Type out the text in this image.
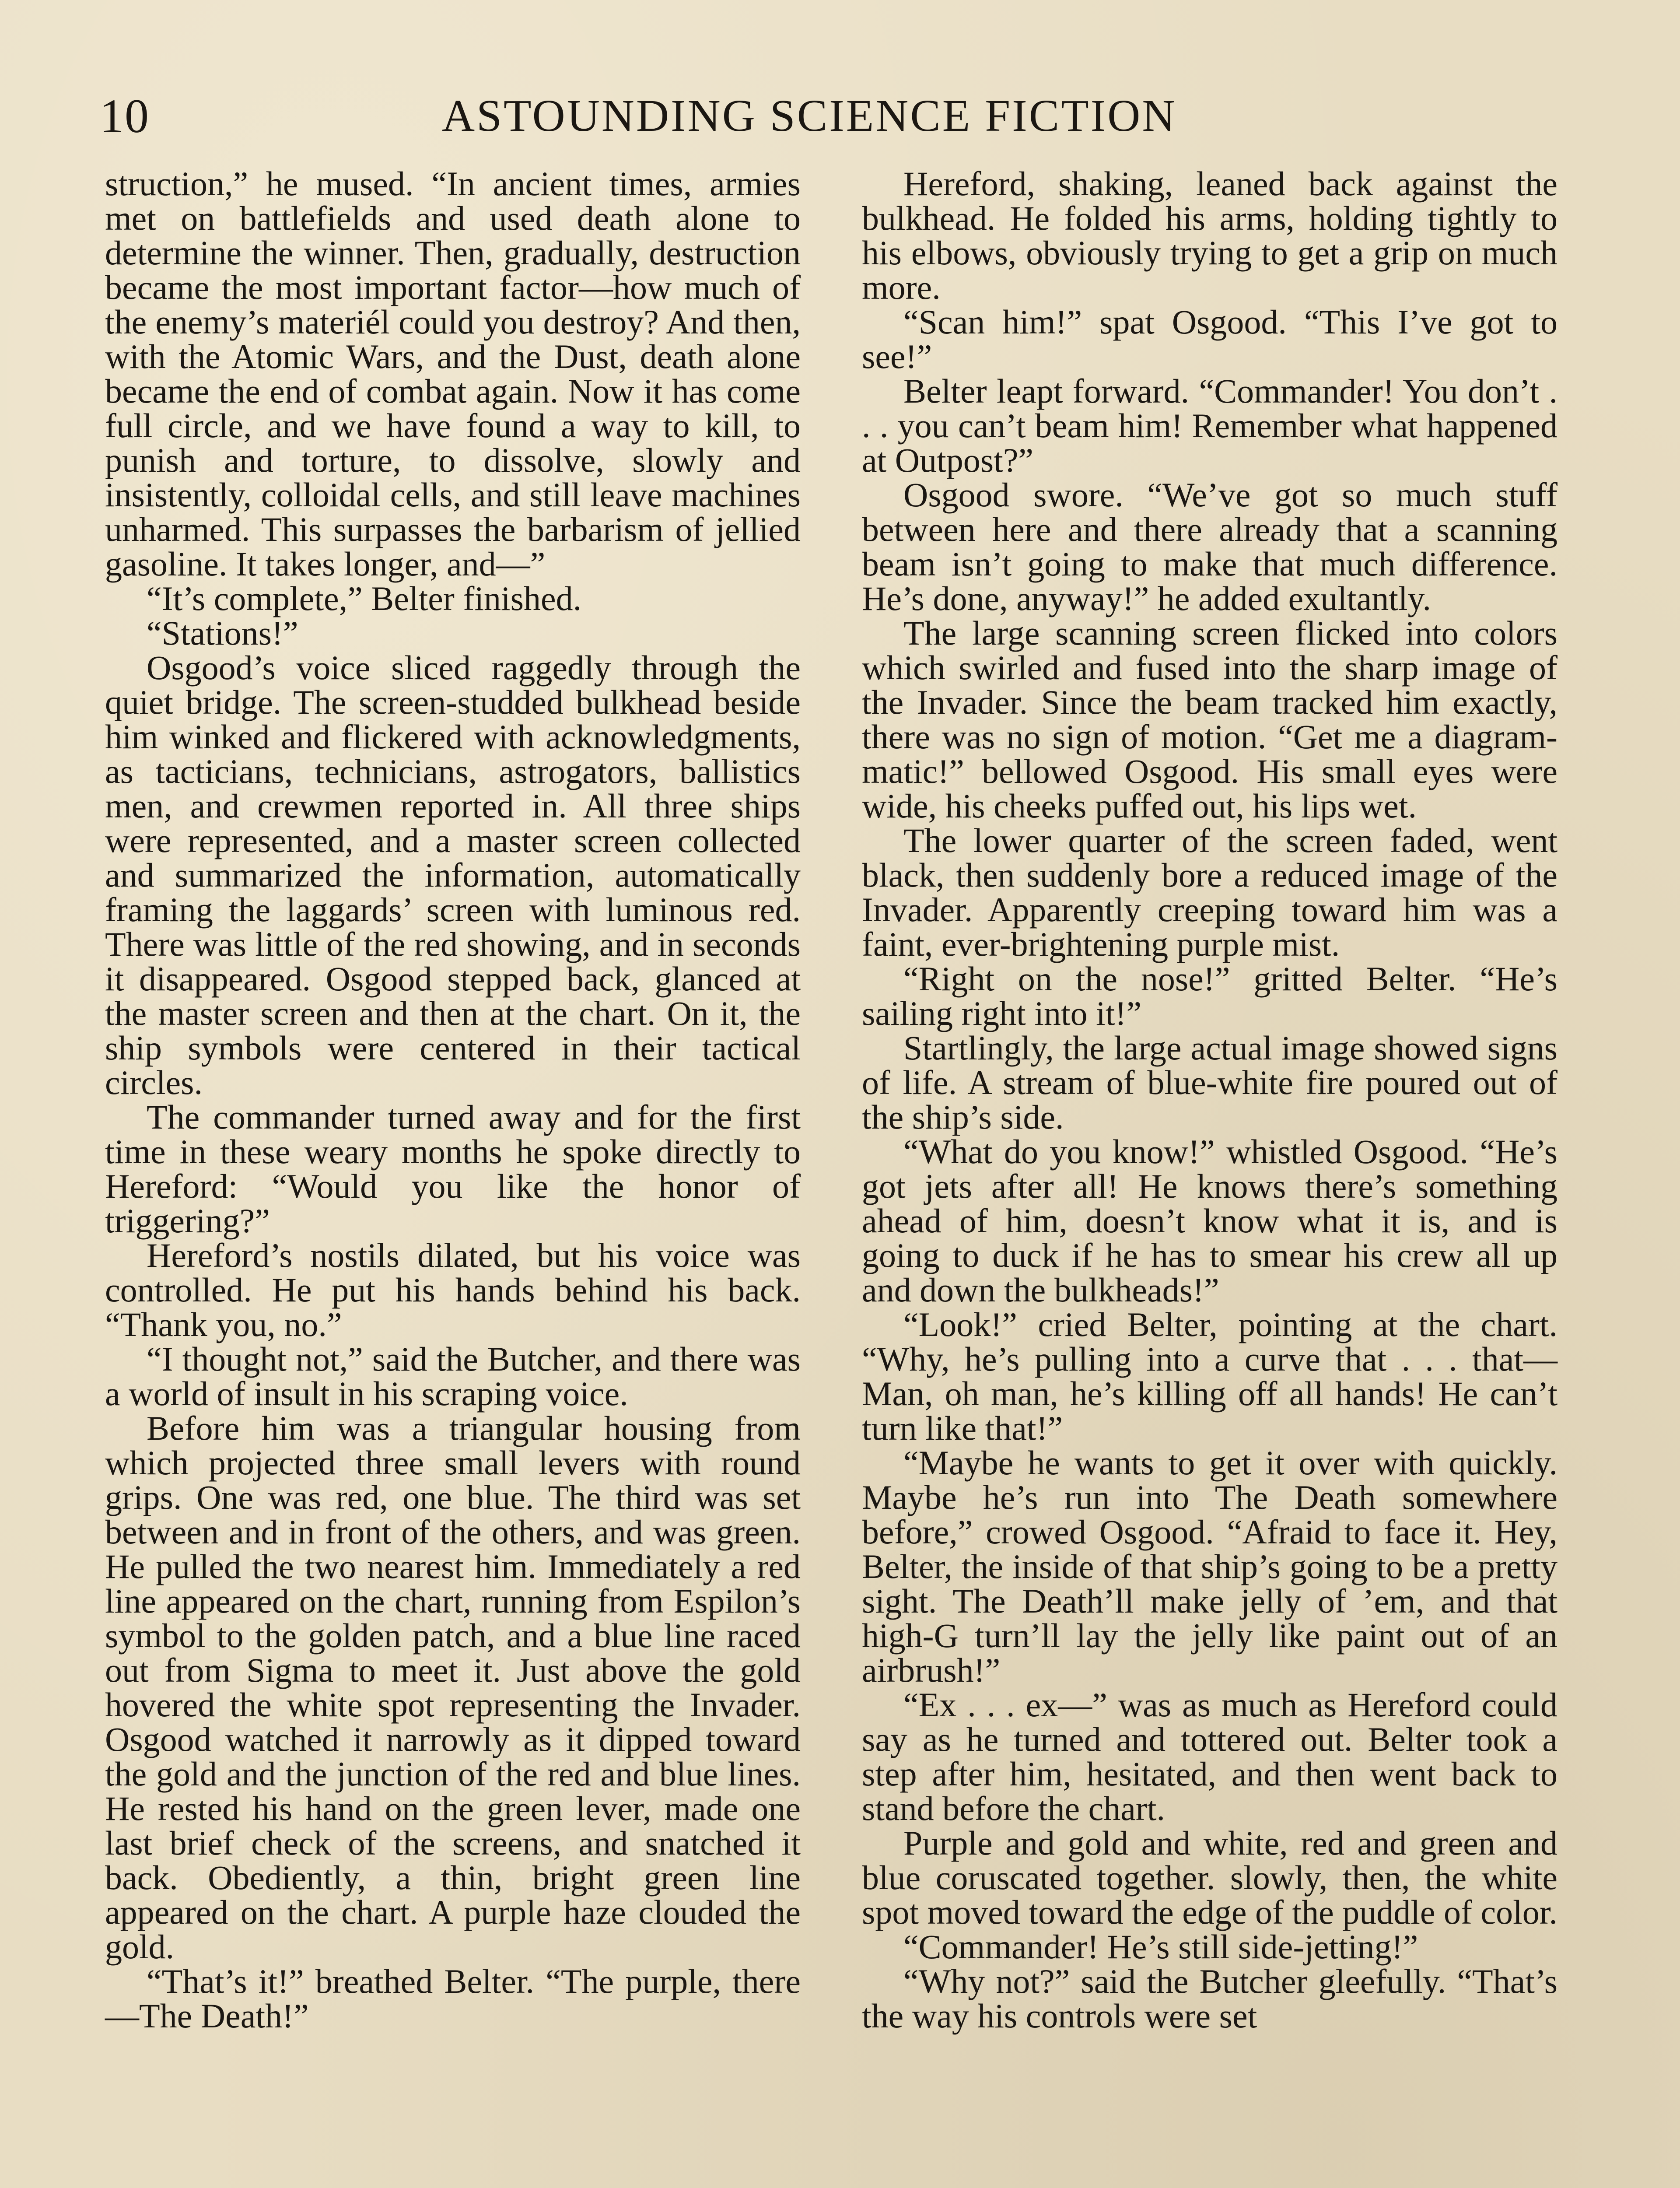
10	ASTOUNDING SCIENCE FICTION

struction,” he mused. “In ancient times, armies met on battlefields and used death alone to determine the winner. Then, gradually, destruction became the most important factor—how much of the enemy’s materiél could you destroy? And then, with the Atomic Wars, and the Dust, death alone became the end of combat again. Now it has come full circle, and we have found a way to kill, to punish and torture, to dissolve, slowly and insistently, colloidal cells, and still leave machines unharmed. This surpasses the barbarism of jellied gasoline. It takes longer, and—”

“It’s complete,” Belter finished.

“Stations!”

Osgood’s voice sliced raggedly through the quiet bridge. The screen-studded bulkhead beside him winked and flickered with acknowledgments, as tacticians, technicians, astrogators, ballistics men, and crewmen reported in. All three ships were represented, and a master screen collected and summarized the information, automatically framing the laggards’ screen with luminous red. There was little of the red showing, and in seconds it disappeared. Osgood stepped back, glanced at the master screen and then at the chart. On it, the ship symbols were centered in their tactical circles.

The commander turned away and for the first time in these weary months he spoke directly to Hereford: “Would you like the honor of triggering?”

Hereford’s nostils dilated, but his voice was controlled. He put his hands behind his back. “Thank you, no.”

“I thought not,” said the Butcher, and there was a world of insult in his scraping voice.

Before him was a triangular housing from which projected three small levers with round grips. One was red, one blue. The third was set between and in front of the others, and was green. He pulled the two nearest him. Immediately a red line appeared on the chart, running from Espilon’s symbol to the golden patch, and a blue line raced out from Sigma to meet it. Just above the gold hovered the white spot representing the Invader. Osgood watched it narrowly as it dipped toward the gold and the junction of the red and blue lines. He rested his hand on the green lever, made one last brief check of the screens, and snatched it back. Obediently, a thin, bright green line appeared on the chart. A purple haze clouded the gold.

“That’s it!” breathed Belter. “The purple, there—The Death!”

Hereford, shaking, leaned back against the bulkhead. He folded his arms, holding tightly to his elbows, obviously trying to get a grip on much more.

“Scan him!” spat Osgood. “This I’ve got to see!”

Belter leapt forward. “Commander! You don’t . . . you can’t beam him! Remember what happened at Outpost?”

Osgood swore. “We’ve got so much stuff between here and there already that a scanning beam isn’t going to make that much difference. He’s done, anyway!” he added exultantly.

The large scanning screen flicked into colors which swirled and fused into the sharp image of the Invader. Since the beam tracked him exactly, there was no sign of motion. “Get me a diagrammatic!” bellowed Osgood. His small eyes were wide, his cheeks puffed out, his lips wet.

The lower quarter of the screen faded, went black, then suddenly bore a reduced image of the Invader. Apparently creeping toward him was a faint, ever-brightening purple mist.

“Right on the nose!” gritted Belter. “He’s sailing right into it!”

Startlingly, the large actual image showed signs of life. A stream of blue-white fire poured out of the ship’s side.

“What do you know!” whistled Osgood. “He’s got jets after all! He knows there’s something ahead of him, doesn’t know what it is, and is going to duck if he has to smear his crew all up and down the bulkheads!”

“Look!” cried Belter, pointing at the chart. “Why, he’s pulling into a curve that . . . that—Man, oh man, he’s killing off all hands! He can’t turn like that!”

“Maybe he wants to get it over with quickly. Maybe he’s run into The Death somewhere before,” crowed Osgood. “Afraid to face it. Hey, Belter, the inside of that ship’s going to be a pretty sight. The Death’ll make jelly of ’em, and that high-G turn’ll lay the jelly like paint out of an airbrush!”

“Ex . . . ex—” was as much as Hereford could say as he turned and tottered out. Belter took a step after him, hesitated, and then went back to stand before the chart.

Purple and gold and white, red and green and blue coruscated together. slowly, then, the white spot moved toward the edge of the puddle of color.

“Commander! He’s still side-jetting!”

“Why not?” said the Butcher gleefully. “That’s the way his controls were set
